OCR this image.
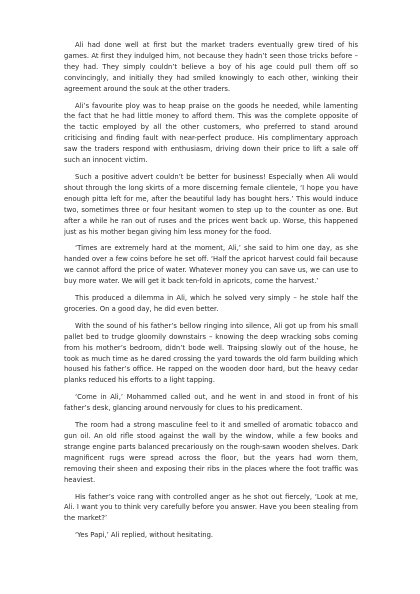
Ali had done well at first but the market traders eventually grew tired of his games. At first they indulged him, not because they hadn’t seen those tricks before – they had. They simply couldn’t believe a boy of his age could pull them off so convincingly, and initially they had smiled knowingly to each other, winking their agreement around the souk at the other traders.

Ali’s favourite ploy was to heap praise on the goods he needed, while lamenting the fact that he had little money to afford them. This was the complete opposite of the tactic employed by all the other customers, who preferred to stand around criticising and finding fault with near-perfect produce. His complimentary approach saw the traders respond with enthusiasm, driving down their price to lift a sale off such an innocent victim.

Such a positive advert couldn’t be better for business! Especially when Ali would shout through the long skirts of a more discerning female clientele, ‘I hope you have enough pitta left for me, after the beautiful lady has bought hers.’ This would induce two, sometimes three or four hesitant women to step up to the counter as one. But after a while he ran out of ruses and the prices went back up. Worse, this happened just as his mother began giving him less money for the food.

‘Times are extremely hard at the moment, Ali,’ she said to him one day, as she handed over a few coins before he set off. ‘Half the apricot harvest could fail because we cannot afford the price of water. Whatever money you can save us, we can use to buy more water. We will get it back ten-fold in apricots, come the harvest.’

This produced a dilemma in Ali, which he solved very simply – he stole half the groceries. On a good day, he did even better.

With the sound of his father’s bellow ringing into silence, Ali got up from his small pallet bed to trudge gloomily downstairs – knowing the deep wracking sobs coming from his mother’s bedroom, didn’t bode well. Traipsing slowly out of the house, he took as much time as he dared crossing the yard towards the old farm building which housed his father’s office. He rapped on the wooden door hard, but the heavy cedar planks reduced his efforts to a light tapping.

‘Come in Ali,’ Mohammed called out, and he went in and stood in front of his father’s desk, glancing around nervously for clues to his predicament.

The room had a strong masculine feel to it and smelled of aromatic tobacco and gun oil. An old rifle stood against the wall by the window, while a few books and strange engine parts balanced precariously on the rough-sawn wooden shelves. Dark magnificent rugs were spread across the floor, but the years had worn them, removing their sheen and exposing their ribs in the places where the foot traffic was heaviest.

His father’s voice rang with controlled anger as he shot out fiercely, ‘Look at me, Ali. I want you to think very carefully before you answer. Have you been stealing from the market?’

‘Yes Papi,’ Ali replied, without hesitating.
